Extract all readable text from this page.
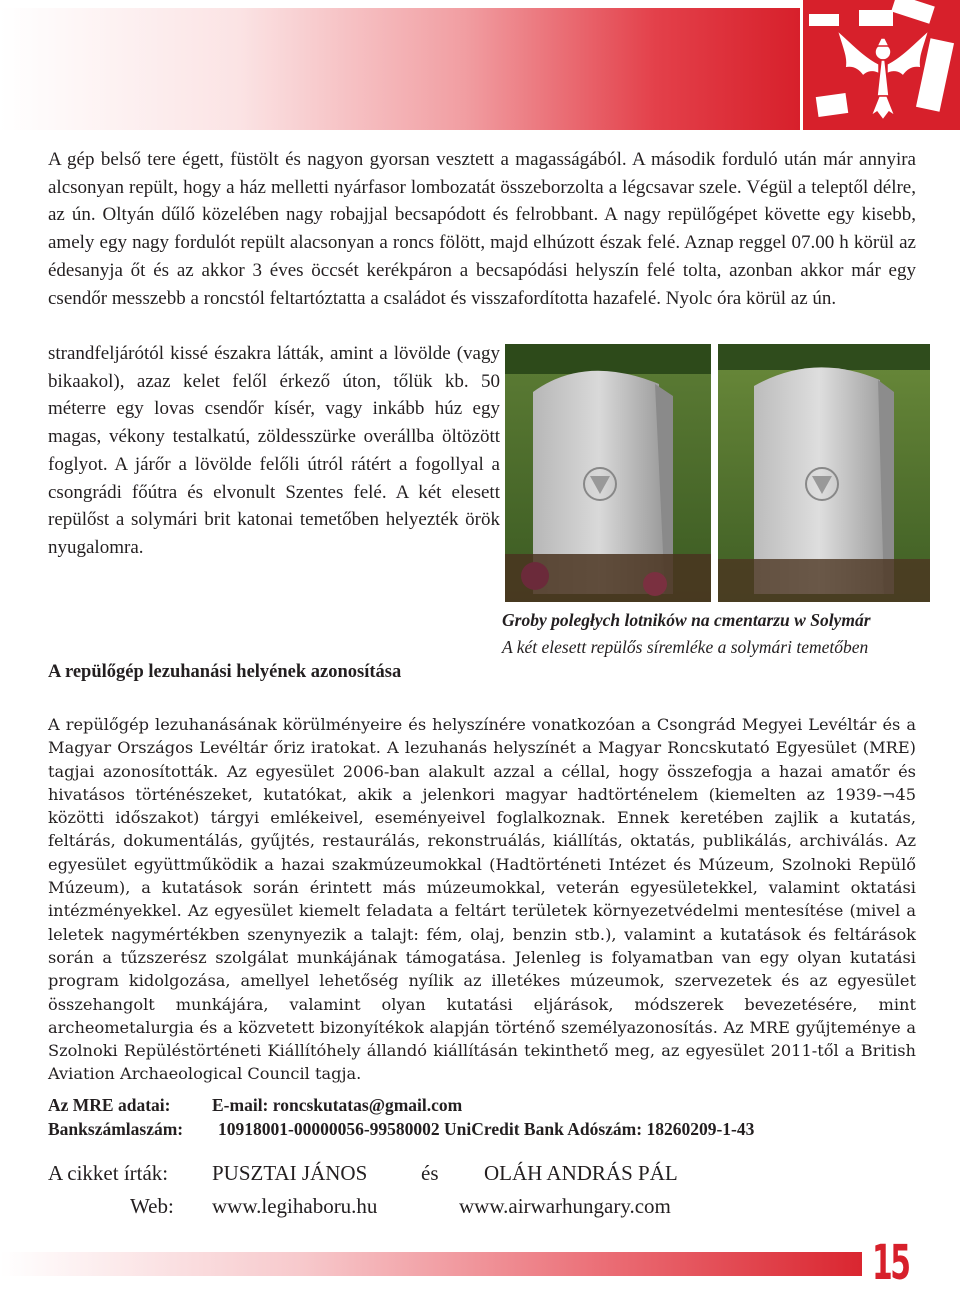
A gép belső tere égett, füstölt és nagyon gyorsan vesztett a magasságából. A második forduló után már annyira alcsonyan repült, hogy a ház melletti nyárfasor lombozatát összeborzolta a légcsavar szele. Végül a teleptől délre, az ún. Oltyán dűlő közelében nagy robajjal becsapódott és felrobbant. A nagy repülőgépet követte egy kisebb, amely egy nagy fordulót repült alacsonyan a roncs fölött, majd elhúzott észak felé. Aznap reggel 07.00 h körül az édesanyja őt és az akkor 3 éves öccsét kerékpáron a becsapódási helyszín felé tolta, azonban akkor már egy csendőr messzebb a roncstól feltartóztatta a családot és visszafordította hazafelé. Nyolc óra körül az ún.

strandfeljárótól kissé északra látták, amint a lövölde (vagy bikaakol), azaz kelet felől érkező úton, tőlük kb. 50 méterre egy lovas csendőr kísér, vagy inkább húz egy magas, vékony testalkatú, zöldesszürke overállba öltözött foglyot. A járőr a lövölde felőli útról rátért a fogollyal a csongrádi főútra és elvonult Szentes felé. A két elesett repülőst a solymári brit katonai temetőben helyezték örök nyugalomra.

Groby poległych lotników na cmentarzu w Solymár
A két elesett repülős síremléke a solymári temetőben
A repülőgép lezuhanási helyének azonosítása

A repülőgép lezuhanásának körülményeire és helyszínére vonatkozóan a Csongrád Megyei Levéltár és a Magyar Országos Levéltár őriz iratokat. A lezuhanás helyszínét a Magyar Roncskutató Egyesület (MRE) tagjai azonosították. Az egyesület 2006-ban alakult azzal a céllal, hogy összefogja a hazai amatőr és hivatásos történészeket, kutatókat, akik a jelenkori magyar hadtörténelem (kiemelten az 1939-¬45 közötti időszakot) tárgyi emlékeivel, eseményeivel foglalkoznak. Ennek keretében zajlik a kutatás, feltárás, dokumentálás, gyűjtés, restaurálás, rekonstruálás, kiállítás, oktatás, publikálás, archiválás. Az egyesület együttműködik a hazai szakmúzeumokkal (Hadtörténeti Intézet és Múzeum, Szolnoki Repülő Múzeum), a kutatások során érintett más múzeumokkal, veterán egyesületekkel, valamint oktatási intézményekkel. Az egyesület kiemelt feladata a feltárt területek környezetvédelmi mentesítése (mivel a leletek nagymértékben szenynyezik a talajt: fém, olaj, benzin stb.), valamint a kutatások és feltárások során a tűzszerész szolgálat munkájának támogatása. Jelenleg is folyamatban van egy olyan kutatási program kidolgozása, amellyel lehetőség nyílik az illetékes múzeumok, szervezetek és az egyesület összehangolt munkájára, valamint olyan kutatási eljárások, módszerek bevezetésére, mint archeometalurgia és a közvetett bizonyítékok alapján történő személyazonosítás. Az MRE gyűjteménye a Szolnoki Repüléstörténeti Kiállítóhely állandó kiállításán tekinthető meg, az egyesület 2011-től a British Aviation Archaeological Council tagja.

Az MRE adatai: E-mail: roncskutatas@gmail.com
Bankszámlaszám: 10918001-00000056-99580002 UniCredit Bank Adószám: 18260209-1-43
A cikket írták: PUSZTAI JÁNOS	és OLÁH ANDRÁS PÁL
Web: www.legihaboru.hu	www.airwarhungary.com
15
